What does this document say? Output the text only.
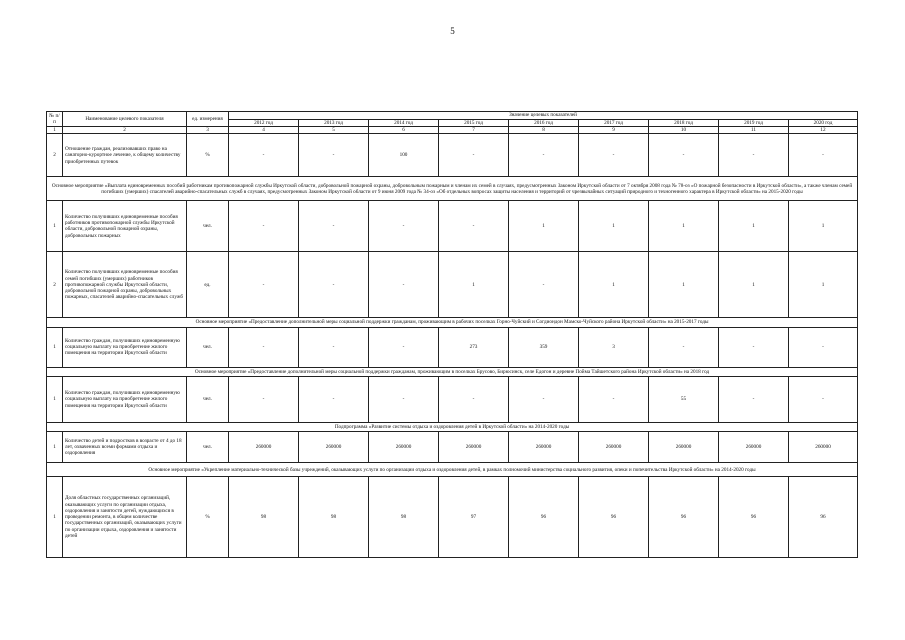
5
№ п/п	Наименование целевого показателя	ед. измерения	Значение целевых показателей								
			2012 год	2013 год	2014 год	2015 год	2016 год	2017 год	2018 год	2019 год	2020 год
1	2	3	4	5	6	7	8	9	10	11	12
2	Отношение граждан, реализовавших право на санаторно-курортное лечение, к общему количеству приобретенных путевок	%	-	-	100	-	-	-	-	-	-
Основное мероприятие «Выплата единовременных пособий работникам противопожарной службы Иркутской области, добровольной пожарной охраны, добровольным пожарным и членам их семей в случаях, предусмотренных Законом Иркутской области от 7 октября 2008 года № 78-оз «О пожарной безопасности в Иркутской области», а также членам семей погибших (умерших) спасателей аварийно-спасательных служб в случаях, предусмотренных Законом Иркутской области от 9 июня 2009 года № 34-оз «Об отдельных вопросах защиты населения и территорий от чрезвычайных ситуаций природного и техногенного характера в Иркутской области» на 2015-2020 годы											
1	Количество получивших единовременные пособия работников противопожарной службы Иркутской области, добровольной пожарной охраны, добровольных пожарных	чел.	-	-	-	-	1	1	1	1	1
2	Количество получивших единовременные пособия семей погибших (умерших) работников противопожарной службы Иркутской области, добровольной пожарной охраны, добровольных пожарных, спасателей аварийно-спасательных служб	ед.	-	-	-	1	-	1	1	1	1
Основное мероприятие «Предоставление дополнительной меры социальной поддержки гражданам, проживающим в рабочих поселках Горно-Чуйский и Согдиондон Мамско-Чуйского района Иркутской области» на 2015-2017 годы											
1	Количество граждан, получивших единовременную социальную выплату на приобретение жилого помещения на территории Иркутской области	чел.	-	-	-	273	359	3	-	-	-
Основное мероприятие «Предоставление дополнительной меры социальной поддержки гражданам, проживающим в поселках Брусово, Бирюсинск, селе Едогон и деревне Пойма Тайшетского района Иркутской области» на 2018 год											
1	Количество граждан, получивших единовременную социальную выплату на приобретение жилого помещения на территории Иркутской области	чел.	-	-	-	-	-	-	55	-	-
Подпрограмма «Развитие системы отдыха и оздоровления детей в Иркутской области» на 2014-2020 годы											
1	Количество детей и подростков в возрасте от 4 до 18 лет, охваченных всеми формами отдыха и оздоровления	чел.	260000	260000	260000	260000	260000	260000	260000	260000	260000
Основное мероприятие «Укрепление материально-технической базы учреждений, оказывающих услуги по организации отдыха и оздоровления детей, в рамках полномочий министерства социального развития, опеки и попечительства Иркутской области» на 2014-2020 годы											
1	Доля областных государственных организаций, оказывающих услуги по организации отдыха, оздоровления и занятости детей, нуждающихся в проведении ремонта, в общем количестве государственных организаций, оказывающих услуги по организации отдыха, оздоровления и занятости детей	%	98	98	98	97	96	96	96	96	96
